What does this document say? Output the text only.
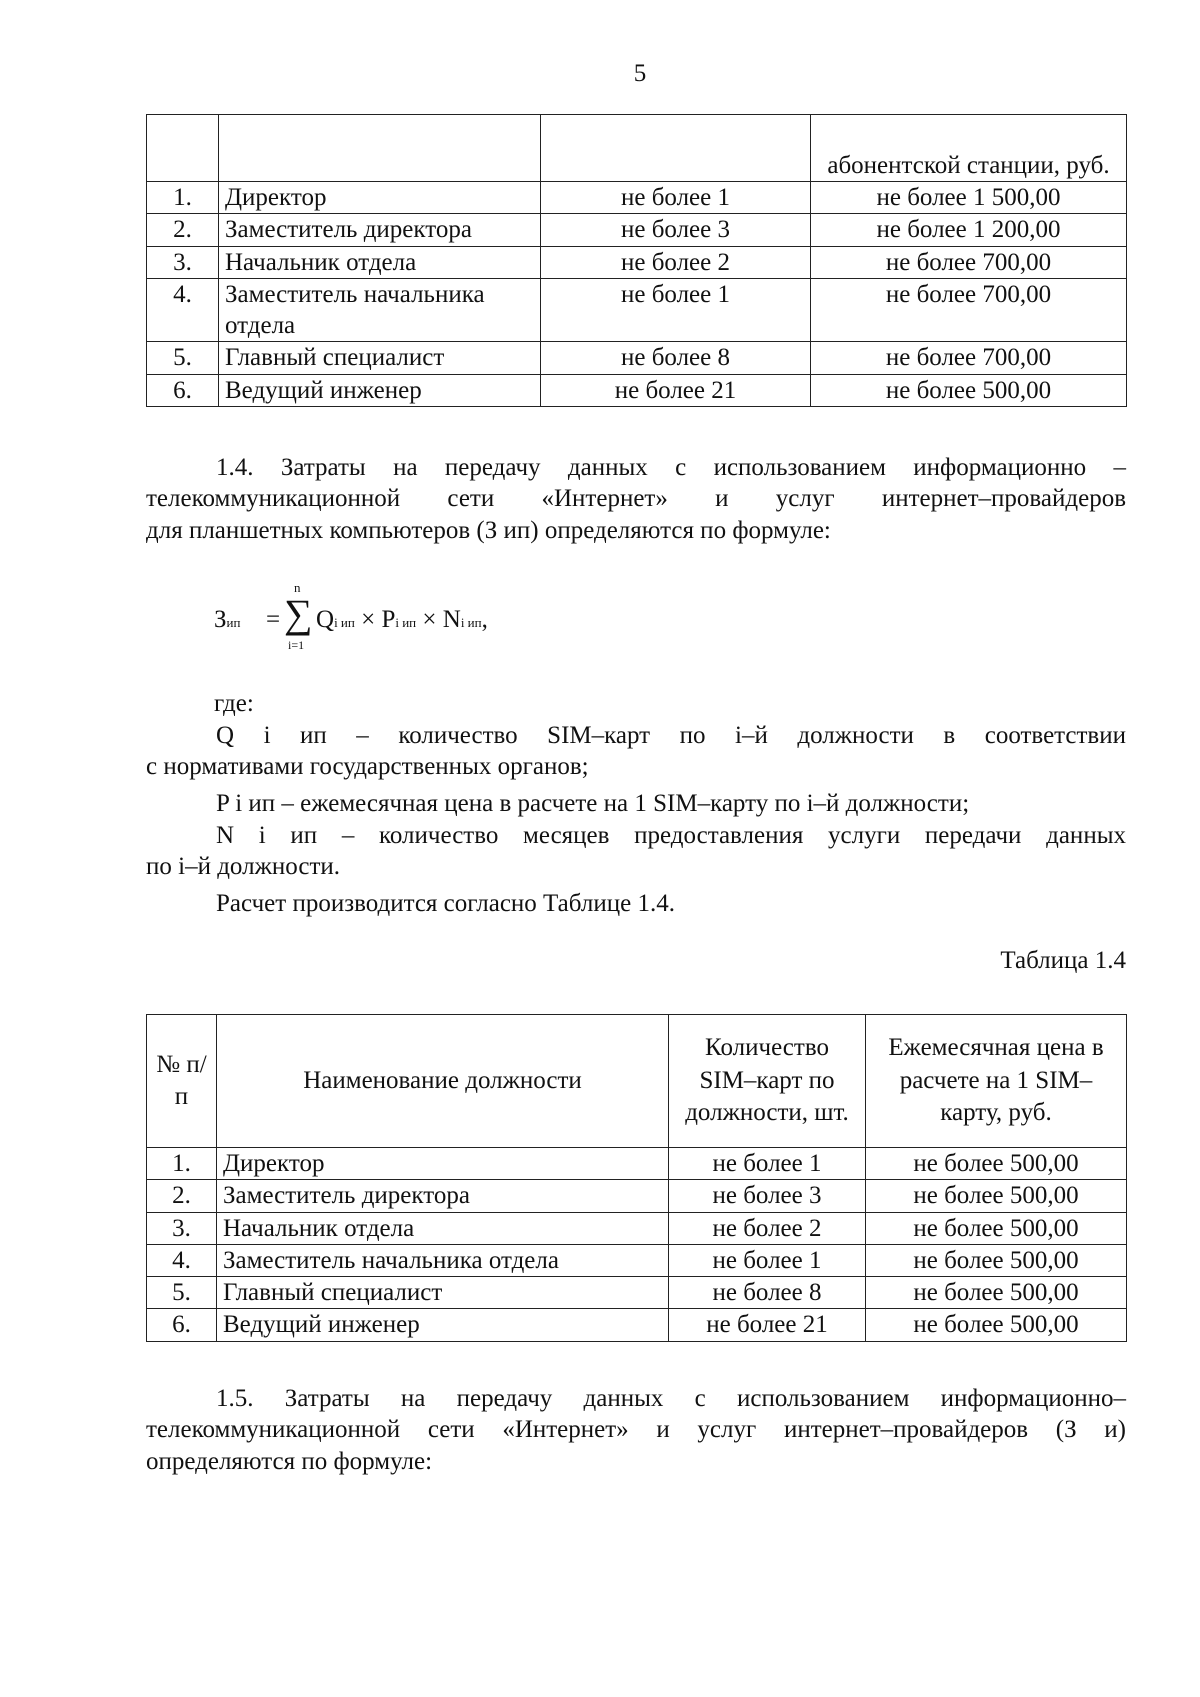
5
			абонентской станции, руб.
1.	Директор	не более 1	не более 1 500,00
2.	Заместитель директора	не более 3	не более 1 200,00
3.	Начальник отдела	не более 2	не более 700,00
4.	Заместитель начальника отдела	не более 1	не более 700,00
5.	Главный специалист	не более 8	не более 700,00
6.	Ведущий инженер	не более 21	не более 500,00
1.4. Затраты на передачу данных с использованием информационно –
телекоммуникационной сети «Интернет» и услуг интернет–провайдеров
для планшетных компьютеров (З ип) определяются по формуле:
Зип =
n
∑
i=1
Qi ип × Pi ип × Ni ип,
где:
Q i ип – количество SIM–карт по i–й должности в соответствии
с нормативами государственных органов;
P i ип – ежемесячная цена в расчете на 1 SIM–карту по i–й должности;
N i ип – количество месяцев предоставления услуги передачи данных
по i–й должности.
Расчет производится согласно Таблице 1.4.
Таблица 1.4
№ п/п	Наименование должности	Количество SIM–карт по должности, шт.	Ежемесячная цена в расчете на 1 SIM–карту, руб.
1.	Директор	не более 1	не более 500,00
2.	Заместитель директора	не более 3	не более 500,00
3.	Начальник отдела	не более 2	не более 500,00
4.	Заместитель начальника отдела	не более 1	не более 500,00
5.	Главный специалист	не более 8	не более 500,00
6.	Ведущий инженер	не более 21	не более 500,00
1.5. Затраты на передачу данных с использованием информационно–
телекоммуникационной сети «Интернет» и услуг интернет–провайдеров (З и)
определяются по формуле:
